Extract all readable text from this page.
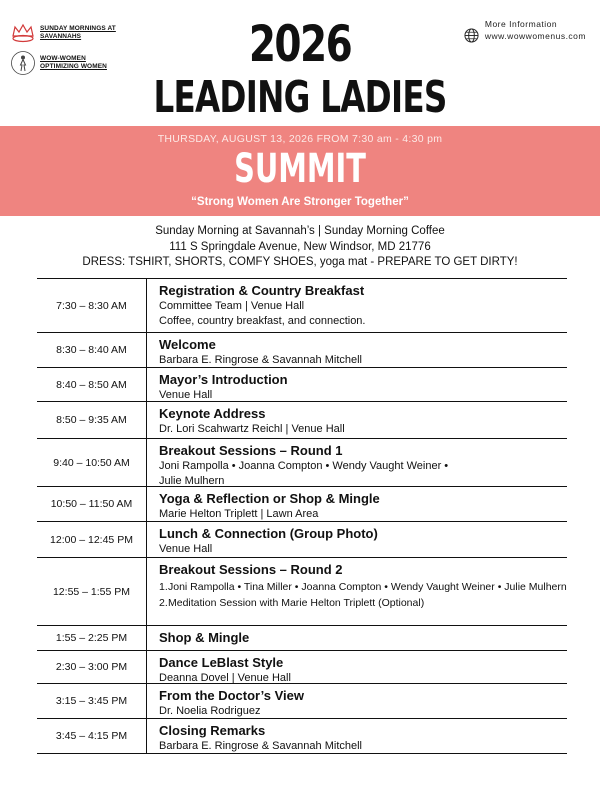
SUNDAY MORNINGS AT SAVANNAHS
WOW-WOMEN OPTIMIZING WOMEN
More Information
www.wowwomenus.com
2026
LEADING LADIES
THURSDAY, AUGUST 13, 2026 FROM 7:30 am - 4:30 pm
SUMMIT
“Strong Women Are Stronger Together”
Sunday Morning at Savannah’s | Sunday Morning Coffee
111 S Springdale Avenue, New Windsor, MD 21776
DRESS: TSHIRT, SHORTS, COMFY SHOES, yoga mat - PREPARE TO GET DIRTY!
7:30 – 8:30 AM
Registration & Country Breakfast
Committee Team | Venue Hall
Coffee, country breakfast, and connection.
8:30 – 8:40 AM	Welcome
Barbara E. Ringrose & Savannah Mitchell
8:40 – 8:50 AM	Mayor’s Introduction
Venue Hall
8:50 – 9:35 AM	Keynote Address
Dr. Lori Scahwartz Reichl | Venue Hall
9:40 – 10:50 AM
Breakout Sessions – Round 1
Joni Rampolla • Joanna Compton • Wendy Vaught Weiner •
Julie Mulhern
10:50 – 11:50 AM	Yoga & Reflection or Shop & Mingle
Marie Helton Triplett | Lawn Area
12:00 – 12:45 PM	Lunch & Connection (Group Photo)
Venue Hall
12:55 – 1:55 PM
Breakout Sessions – Round 2
1. Joni Rampolla • Tina Miller • Joanna Compton • Wendy Vaught Weiner • Julie Mulhern
2. Meditation Session with Marie Helton Triplett (Optional)
1:55 – 2:25 PM	Shop & Mingle
2:30 – 3:00 PM	Dance LeBlast Style
Deanna Dovel | Venue Hall
3:15 – 3:45 PM	From the Doctor’s View
Dr. Noelia Rodriguez
3:45 – 4:15 PM	Closing Remarks
Barbara E. Ringrose & Savannah Mitchell
